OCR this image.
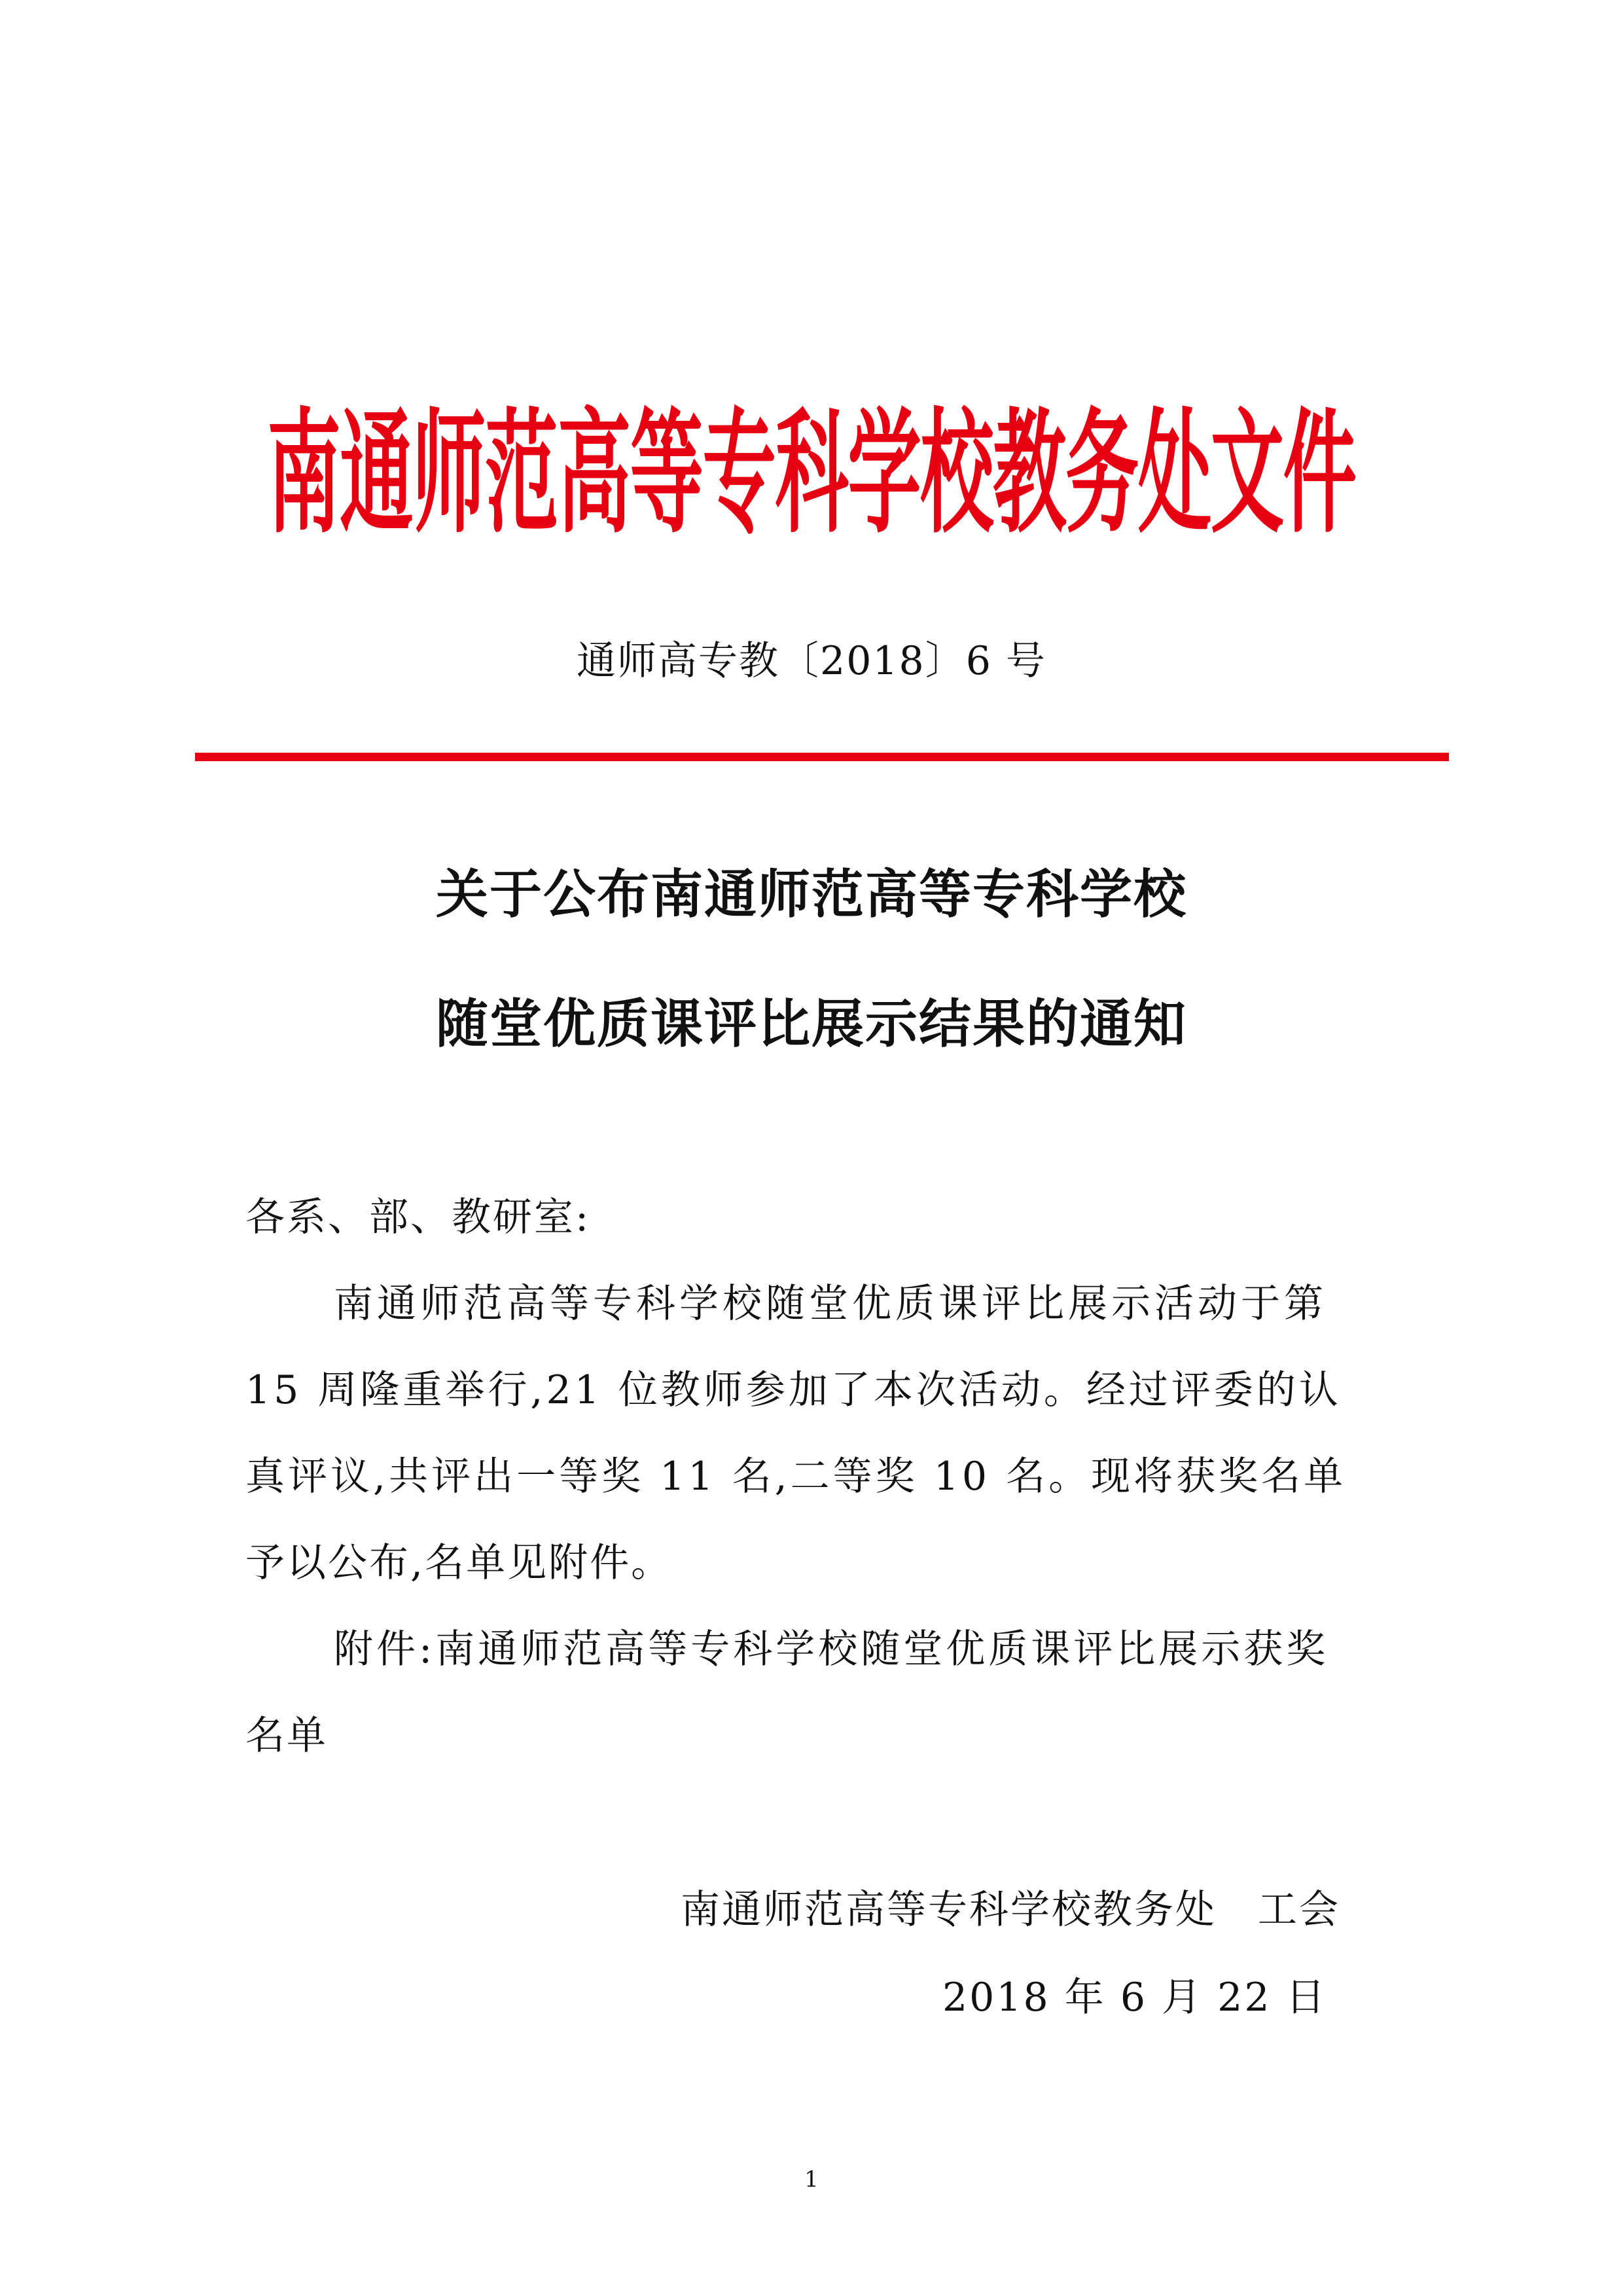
南通师范高等专科学校教务处文件
通师高专教〔2018〕6 号
关于公布南通师范高等专科学校
随堂优质课评比展示结果的通知
各系、部、教研室:
南通师范高等专科学校随堂优质课评比展示活动于第
15 周隆重举行,21 位教师参加了本次活动。经过评委的认
真评议,共评出一等奖 11 名,二等奖 10 名。现将获奖名单
予以公布,名单见附件。
附件:南通师范高等专科学校随堂优质课评比展示获奖
名单
南通师范高等专科学校教务处　工会
2018 年 6 月 22 日
1
